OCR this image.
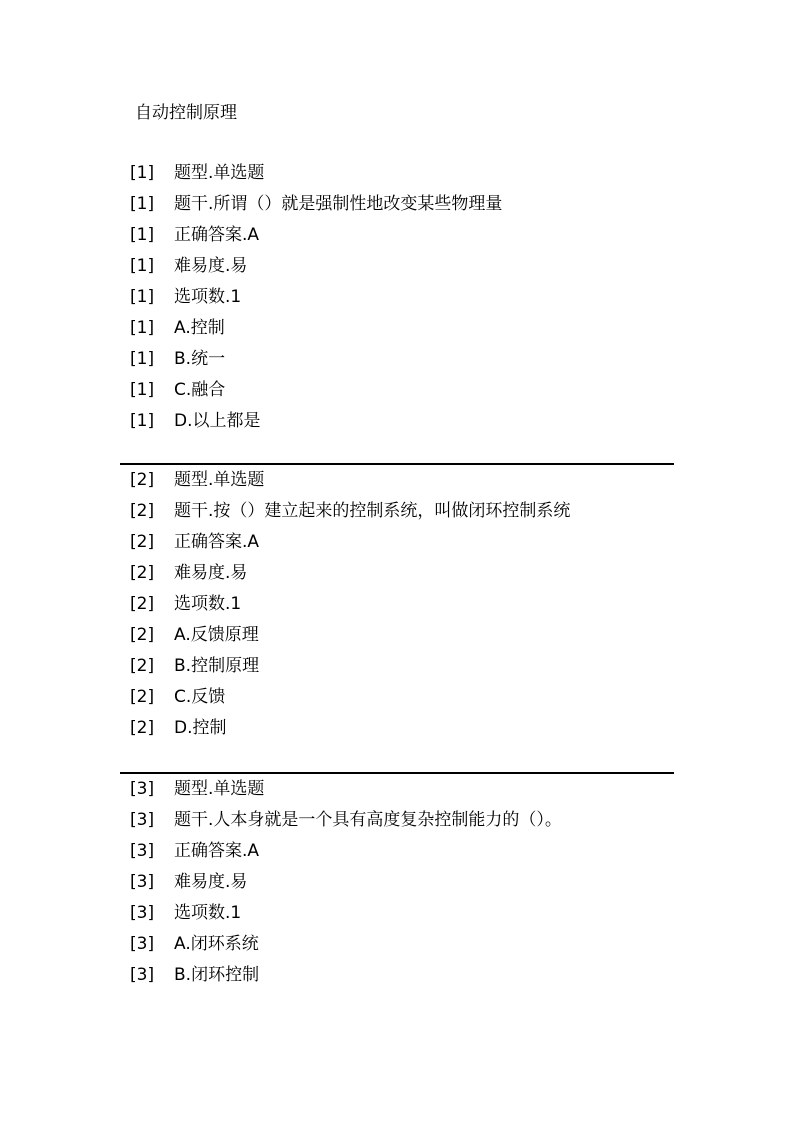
自动控制原理
[1]	题型.单选题
[1]	题干.所谓（）就是强制性地改变某些物理量
[1]	正确答案.A
[1]	难易度.易
[1]	选项数.1
[1]	A.控制
[1]	B.统一
[1]	C.融合
[1]	D.以上都是
[2]	题型.单选题
[2]	题干.按（）建立起来的控制系统，叫做闭环控制系统
[2]	正确答案.A
[2]	难易度.易
[2]	选项数.1
[2]	A.反馈原理
[2]	B.控制原理
[2]	C.反馈
[2]	D.控制
[3]	题型.单选题
[3]	题干.人本身就是一个具有高度复杂控制能力的（）。
[3]	正确答案.A
[3]	难易度.易
[3]	选项数.1
[3]	A.闭环系统
[3]	B.闭环控制
